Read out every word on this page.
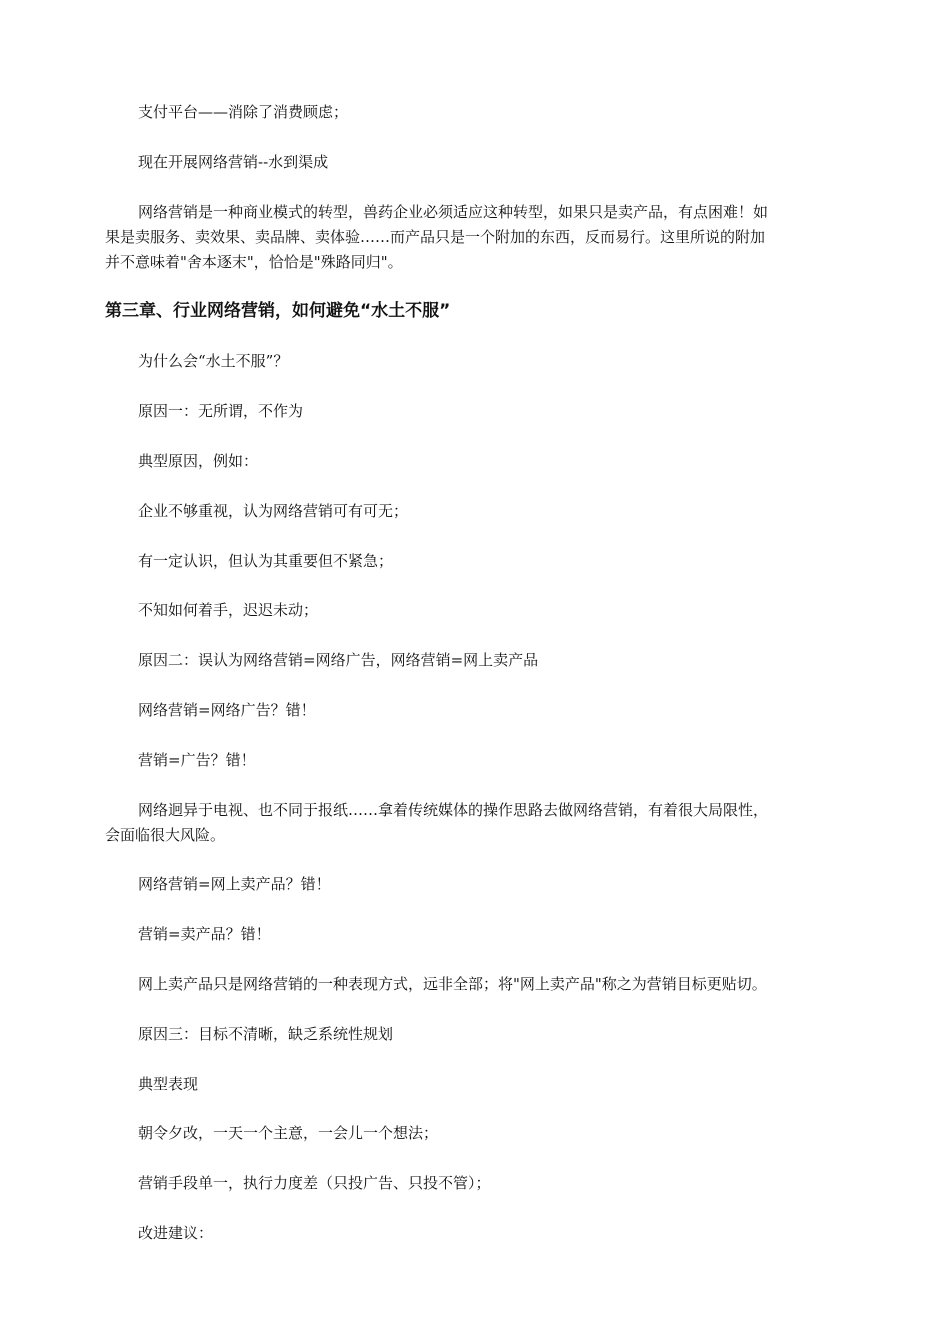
支付平台——消除了消费顾虑；
现在开展网络营销--水到渠成
网络营销是一种商业模式的转型，兽药企业必须适应这种转型，如果只是卖产品，有点困难！如
果是卖服务、卖效果、卖品牌、卖体验……而产品只是一个附加的东西，反而易行。这里所说的附加
并不意味着"舍本逐末"，恰恰是"殊路同归"。
第三章、行业网络营销，如何避免“水土不服”
为什么会“水土不服”？
原因一：无所谓，不作为
典型原因，例如：
企业不够重视，认为网络营销可有可无；
有一定认识，但认为其重要但不紧急；
不知如何着手，迟迟未动；
原因二：误认为网络营销=网络广告，网络营销=网上卖产品
网络营销=网络广告？错！
营销=广告？错！
网络迥异于电视、也不同于报纸……拿着传统媒体的操作思路去做网络营销，有着很大局限性，
会面临很大风险。
网络营销=网上卖产品？错！
营销=卖产品？错！
网上卖产品只是网络营销的一种表现方式，远非全部；将"网上卖产品"称之为营销目标更贴切。
原因三：目标不清晰，缺乏系统性规划
典型表现
朝令夕改，一天一个主意，一会儿一个想法；
营销手段单一，执行力度差（只投广告、只投不管）；
改进建议：
